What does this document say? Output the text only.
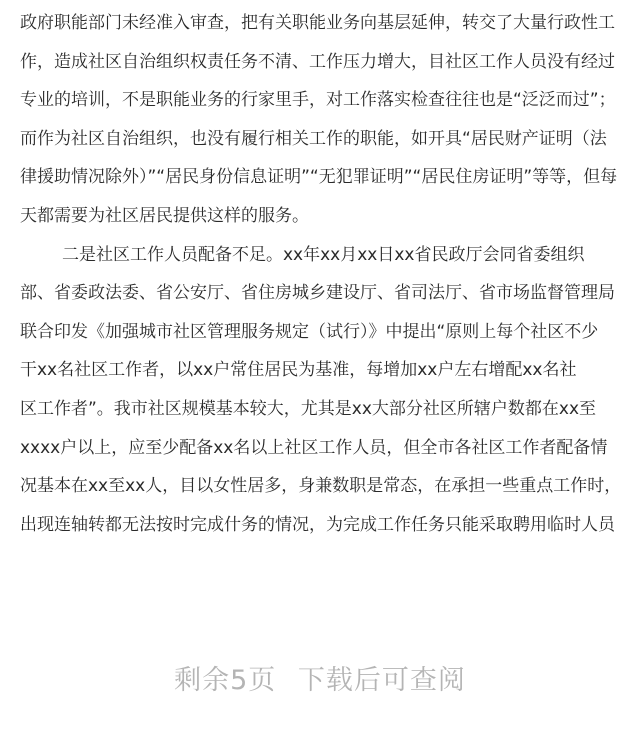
政府职能部门未经准入审查，把有关职能业务向基层延伸，转交了大量行政性工
作，造成社区自治组织权责任务不清、工作压力增大，目社区工作人员没有经过
专业的培训，不是职能业务的行家里手，对工作落实检查往往也是“泛泛而过”；
而作为社区自治组织，也没有履行相关工作的职能，如开具“居民财产证明（法
律援助情况除外）”“居民身份信息证明”“无犯罪证明”“居民住房证明”等等，但每
天都需要为社区居民提供这样的服务。
二是社区工作人员配备不足。xx年xx月xx日xx省民政厅会同省委组织
部、省委政法委、省公安厅、省住房城乡建设厅、省司法厅、省市场监督管理局
联合印发《加强城市社区管理服务规定（试行）》中提出“原则上每个社区不少
干xx名社区工作者，以xx户常住居民为基准，每增加xx户左右增配xx名社
区工作者”。我市社区规模基本较大，尤其是xx大部分社区所辖户数都在xx至
xxxx户以上，应至少配备xx名以上社区工作人员，但全市各社区工作者配备情
况基本在xx至xx人，目以女性居多，身兼数职是常态，在承担一些重点工作时，
出现连轴转都无法按时完成什务的情况，为完成工作任务只能采取聘用临时人员
剩余5页 下载后可查阅
